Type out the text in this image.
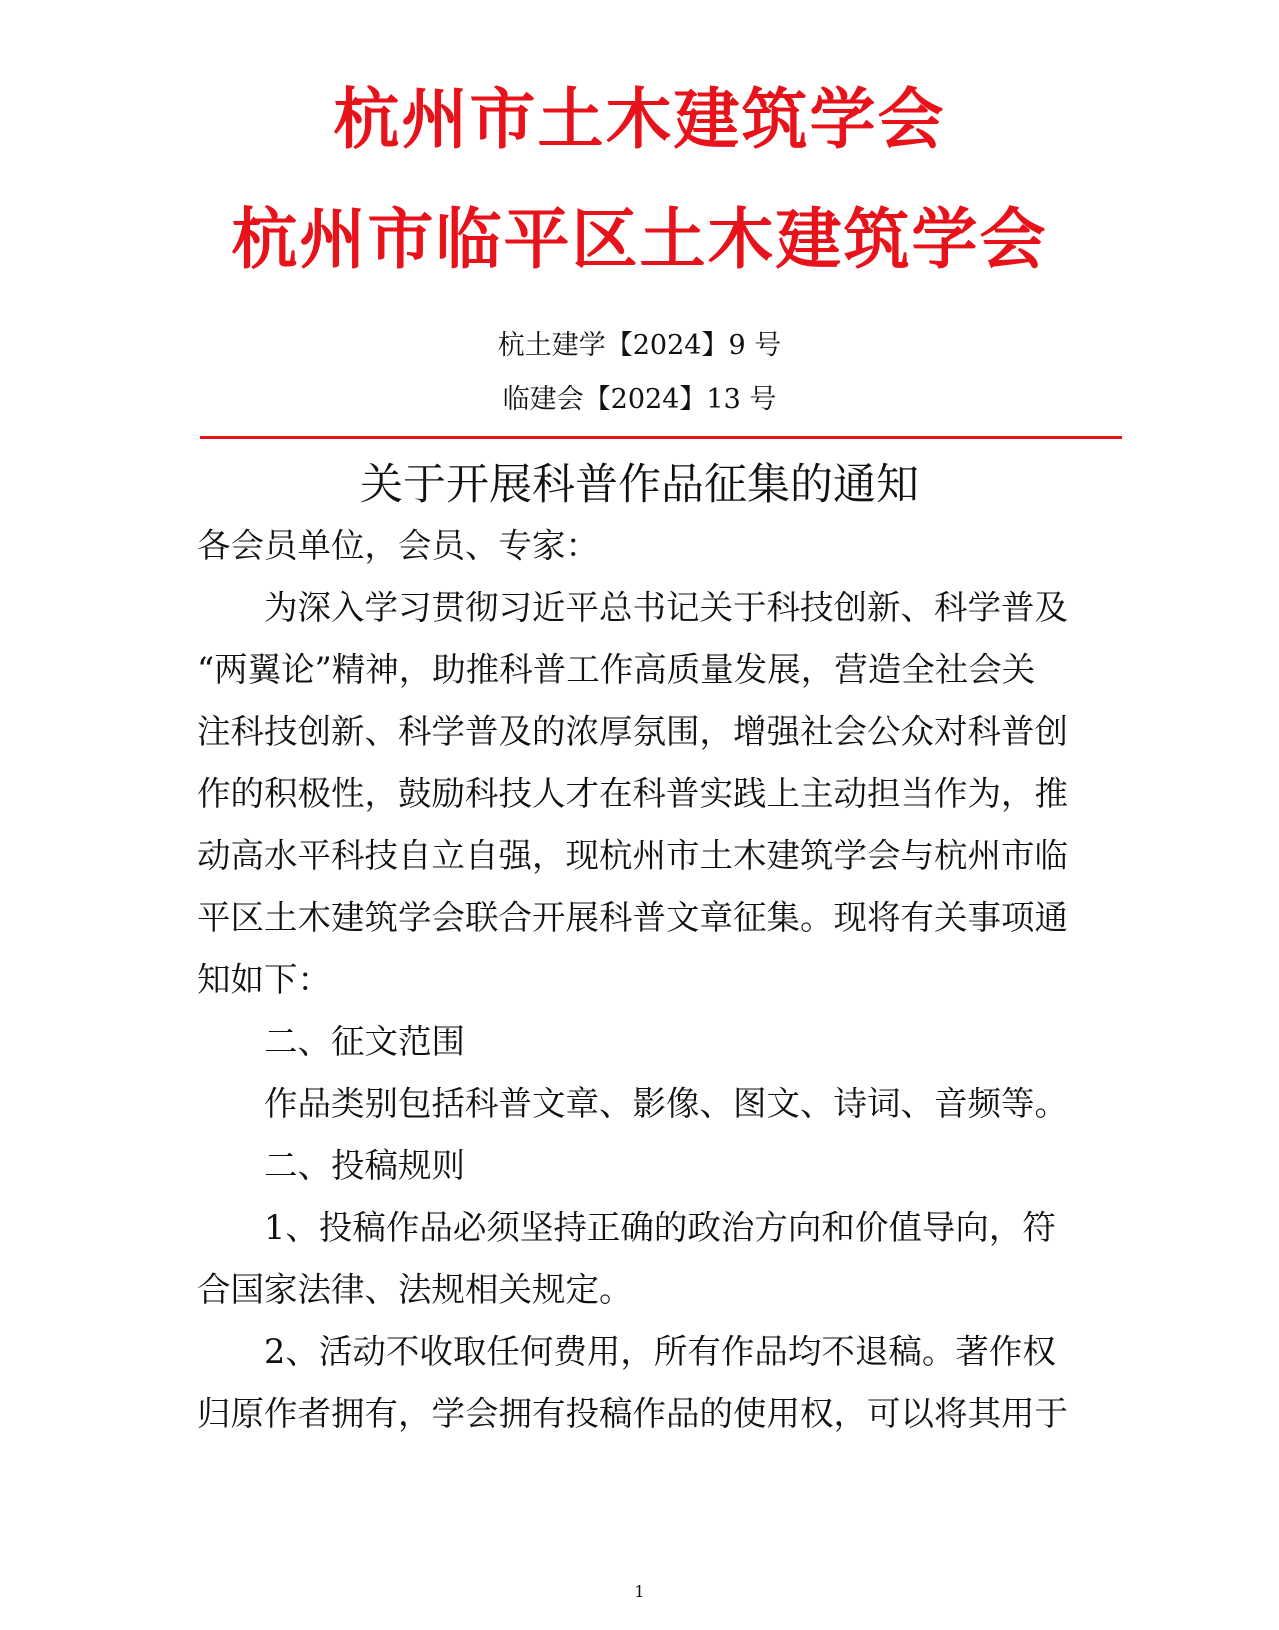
杭州市土木建筑学会
杭州市临平区土木建筑学会
杭土建学【2024】9 号
临建会【2024】13 号
关于开展科普作品征集的通知
各会员单位，会员、专家：
　　为深入学习贯彻习近平总书记关于科技创新、科学普及
“两翼论”精神，助推科普工作高质量发展，营造全社会关
注科技创新、科学普及的浓厚氛围，增强社会公众对科普创
作的积极性，鼓励科技人才在科普实践上主动担当作为，推
动高水平科技自立自强，现杭州市土木建筑学会与杭州市临
平区土木建筑学会联合开展科普文章征集。现将有关事项通
知如下：
　　二、征文范围
　　作品类别包括科普文章、影像、图文、诗词、音频等。
　　二、投稿规则
　　1、投稿作品必须坚持正确的政治方向和价值导向，符
合国家法律、法规相关规定。
　　2、活动不收取任何费用，所有作品均不退稿。著作权
归原作者拥有，学会拥有投稿作品的使用权，可以将其用于
1
